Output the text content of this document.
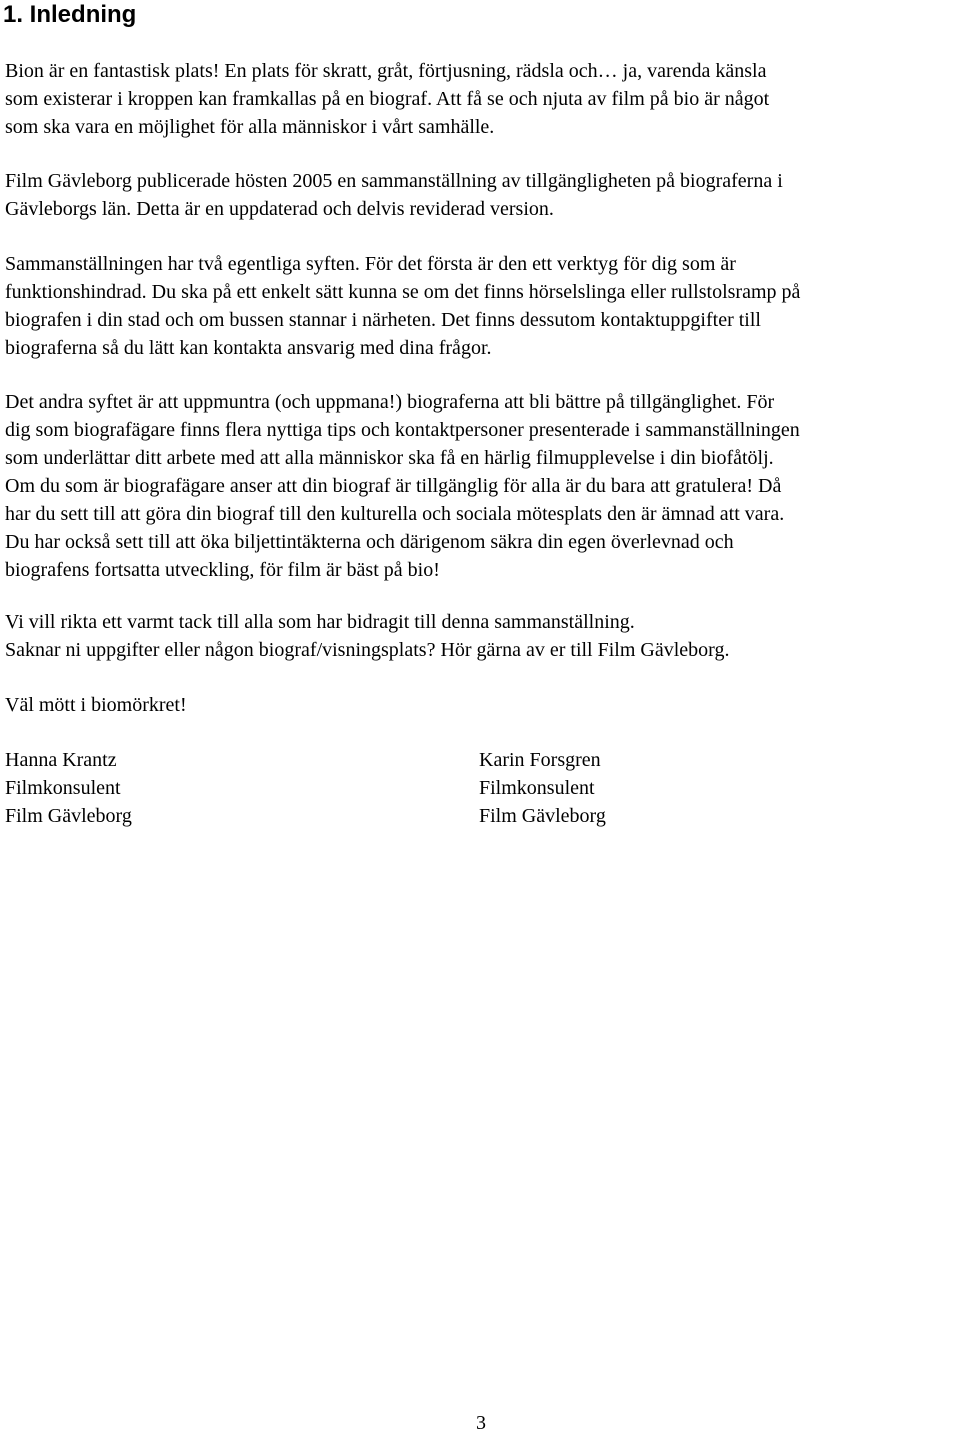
1. Inledning
Bion är en fantastisk plats! En plats för skratt, gråt, förtjusning, rädsla och… ja, varenda känsla
som existerar i kroppen kan framkallas på en biograf. Att få se och njuta av film på bio är något
som ska vara en möjlighet för alla människor i vårt samhälle.
Film Gävleborg publicerade hösten 2005 en sammanställning av tillgängligheten på biograferna i
Gävleborgs län. Detta är en uppdaterad och delvis reviderad version.
Sammanställningen har två egentliga syften. För det första är den ett verktyg för dig som är
funktionshindrad. Du ska på ett enkelt sätt kunna se om det finns hörselslinga eller rullstolsramp på
biografen i din stad och om bussen stannar i närheten. Det finns dessutom kontaktuppgifter till
biograferna så du lätt kan kontakta ansvarig med dina frågor.
Det andra syftet är att uppmuntra (och uppmana!) biograferna att bli bättre på tillgänglighet. För
dig som biografägare finns flera nyttiga tips och kontaktpersoner presenterade i sammanställningen
som underlättar ditt arbete med att alla människor ska få en härlig filmupplevelse i din biofåtölj.
Om du som är biografägare anser att din biograf är tillgänglig för alla är du bara att gratulera! Då
har du sett till att göra din biograf till den kulturella och sociala mötesplats den är ämnad att vara.
Du har också sett till att öka biljettintäkterna och därigenom säkra din egen överlevnad och
biografens fortsatta utveckling, för film är bäst på bio!
Vi vill rikta ett varmt tack till alla som har bidragit till denna sammanställning.
Saknar ni uppgifter eller någon biograf/visningsplats? Hör gärna av er till Film Gävleborg.
Väl mött i biomörkret!
Hanna Krantz
Filmkonsulent
Film Gävleborg
Karin Forsgren
Filmkonsulent
Film Gävleborg
3
